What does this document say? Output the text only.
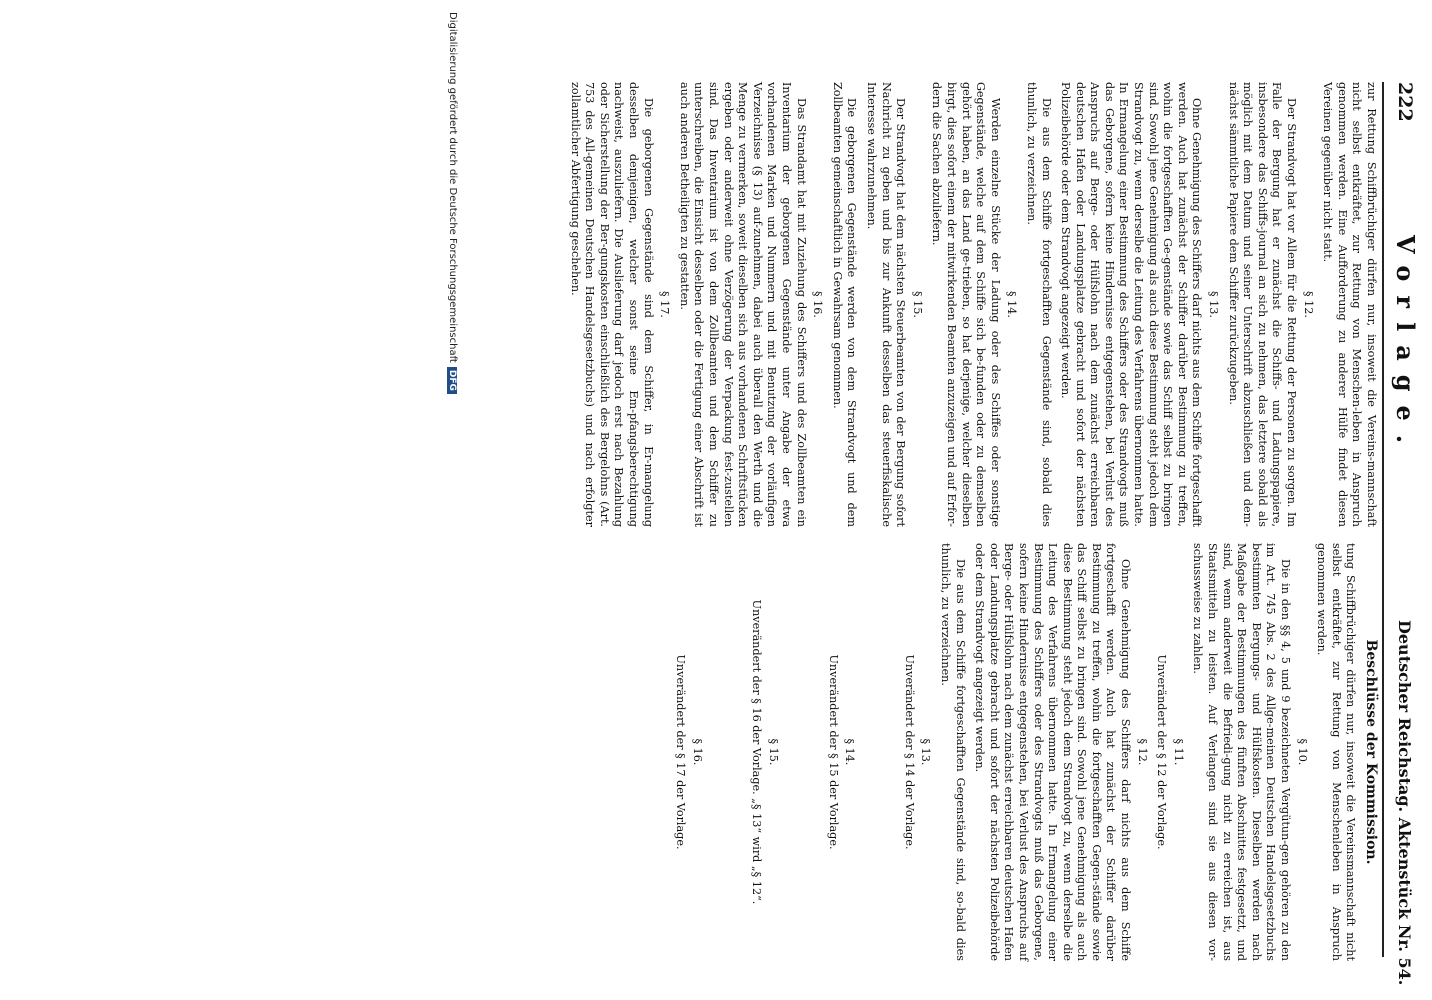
222
Vorlage.
Deutscher Reichstag. Aktenstück Nr. 54.

zur Rettung Schiffbrüchiger dürfen nur, insoweit die Vereins-mannschaft nicht selbst entkräftet, zur Rettung von Menschen-leben in Anspruch genommen werden. Eine Aufforderung zu anderer Hülfe findet diesen Vereinen gegenüber nicht statt.

§ 12.

Der Strandvogt hat vor Allem für die Rettung der Personen zu sorgen. Im Falle der Bergung hat er zunächst die Schiffs- und Ladungspapiere, insbesondere das Schiffs-journal an sich zu nehmen, das letztere sobald als möglich mit dem Datum und seiner Unterschrift abzuschließen und dem-nächst sämmtliche Papiere dem Schiffer zurückzugeben.

§ 13.

Ohne Genehmigung des Schiffers darf nichts aus dem Schiffe fortgeschafft werden. Auch hat zunächst der Schiffer darüber Bestimmung zu treffen, wohin die fortgeschafften Ge-genstände sowie das Schiff selbst zu bringen sind. Sowohl jene Genehmigung als auch diese Bestimmung steht jedoch dem Strandvogt zu, wenn derselbe die Leitung des Verfahrens übernommen hatte. In Ermangelung einer Bestimmung des Schiffers oder des Strandvogts muß das Geborgene, sofern keine Hindernisse entgegenstehen, bei Verlust des Anspruchs auf Berge- oder Hülfslohn nach dem zunächst erreichbaren deutschen Hafen oder Landungsplatze gebracht und sofort der nächsten Polizeibehörde oder dem Strandvogt angezeigt werden.

Die aus dem Schiffe fortgeschafften Gegenstände sind, sobald dies thunlich, zu verzeichnen.

§ 14.

Werden einzelne Stücke der Ladung oder des Schiffes oder sonstige Gegenstände, welche auf dem Schiffe sich be-funden oder zu demselben gehört haben, an das Land ge-trieben, so hat derjenige, welcher dieselben birgt, dies sofort einem der mitwirkenden Beamten anzuzeigen und auf Erfor-dern die Sachen abzuliefern.

§ 15.

Der Strandvogt hat dem nächsten Steuerbeamten von der Bergung sofort Nachricht zu geben und bis zur Ankunft desselben das steuerfiskalische Interesse wahrzunehmen.

Die geborgenen Gegenstände werden von dem Strandvogt und dem Zollbeamten gemeinschaftlich in Gewahrsam genommen.

§ 16.

Das Strandamt hat mit Zuziehung des Schiffers und des Zollbeamten ein Inventarium der geborgenen Gegenstände unter Angabe der etwa vorhandenen Marken und Nummern und mit Benutzung der vorläufigen Verzeichnisse (§ 13) auf-zunehmen, dabei auch überall den Werth und die Menge zu vermerken, soweit dieselben sich aus vorhandenen Schriftstücken ergeben oder anderweit ohne Verzögerung der Verpackung fest-zustellen sind. Das Inventarium ist von dem Zollbeamten und dem Schiffer zu unterschreiben, die Einsicht desselben oder die Fertigung einer Abschrift ist auch anderen Betheiligten zu gestatten.

§ 17.

Die geborgenen Gegenstände sind dem Schiffer, in Er-mangelung desselben demjenigen, welcher sonst seine Em-pfangsberechtigung nachweist, auszuliefern. Die Auslieferung darf jedoch erst nach Bezahlung oder Sicherstellung der Ber-gungskosten einschließlich des Bergelohns (Art. 753 des All-gemeinen Deutschen Handelsgesetzbuchs) und nach erfolgter zollamtlicher Abfertigung geschehen.

Beschlüsse der Kommission.

tung Schiffbrüchiger dürfen nur, insoweit die Vereinsmannschaft nicht selbst entkräftet, zur Rettung von Menschenleben in Anspruch genommen werden.

§ 10.

Die in den §§ 4, 5 und 9 bezeichneten Vergütun-gen gehören zu den im Art. 745 Abs. 2 des Allge-meinen Deutschen Handelsgesetzbuchs bestimmten Bergungs- und Hülfskosten. Dieselben werden nach Maßgabe der Bestimmungen des fünften Abschnittes festgesetzt, und sind, wenn anderweit die Befriedi-gung nicht zu erreichen ist, aus Staatsmitteln zu leisten. Auf Verlangen sind sie aus diesen vor-schussweise zu zahlen.

§ 11.

Unverändert der § 12 der Vorlage.

§ 12.

Ohne Genehmigung des Schiffers darf nichts aus dem Schiffe fortgeschafft werden. Auch hat zunächst der Schiffer darüber Bestimmung zu treffen, wohin die fortgeschafften Gegen-stände sowie das Schiff selbst zu bringen sind. Sowohl jene Genehmigung als auch diese Bestimmung steht jedoch dem Strandvogt zu, wenn derselbe die Leitung des Verfahrens übernommen hatte. In Ermangelung einer Bestimmung des Schiffers oder des Strandvogts muß das Geborgene, sofern keine Hindernisse entgegenstehen, bei Verlust des Anspruchs auf Berge- oder Hülfslohn nach dem zunächst erreichbaren deutschen Hafen oder Landungsplatze gebracht und sofort der nächsten Polizeibehörde oder dem Strandvogt angezeigt werden.

Die aus dem Schiffe fortgeschafften Gegenstände sind, so-bald dies thunlich, zu verzeichnen.

§ 13.

Unverändert der § 14 der Vorlage.

§ 14.

Unverändert der § 15 der Vorlage.

§ 15.

Unverändert der § 16 der Vorlage. „§ 13“ wird „§ 12“.

§ 16.

Unverändert der § 17 der Vorlage.

Digitalisierung gefördert durch die Deutsche ForschungsgemeinschaftDFG
